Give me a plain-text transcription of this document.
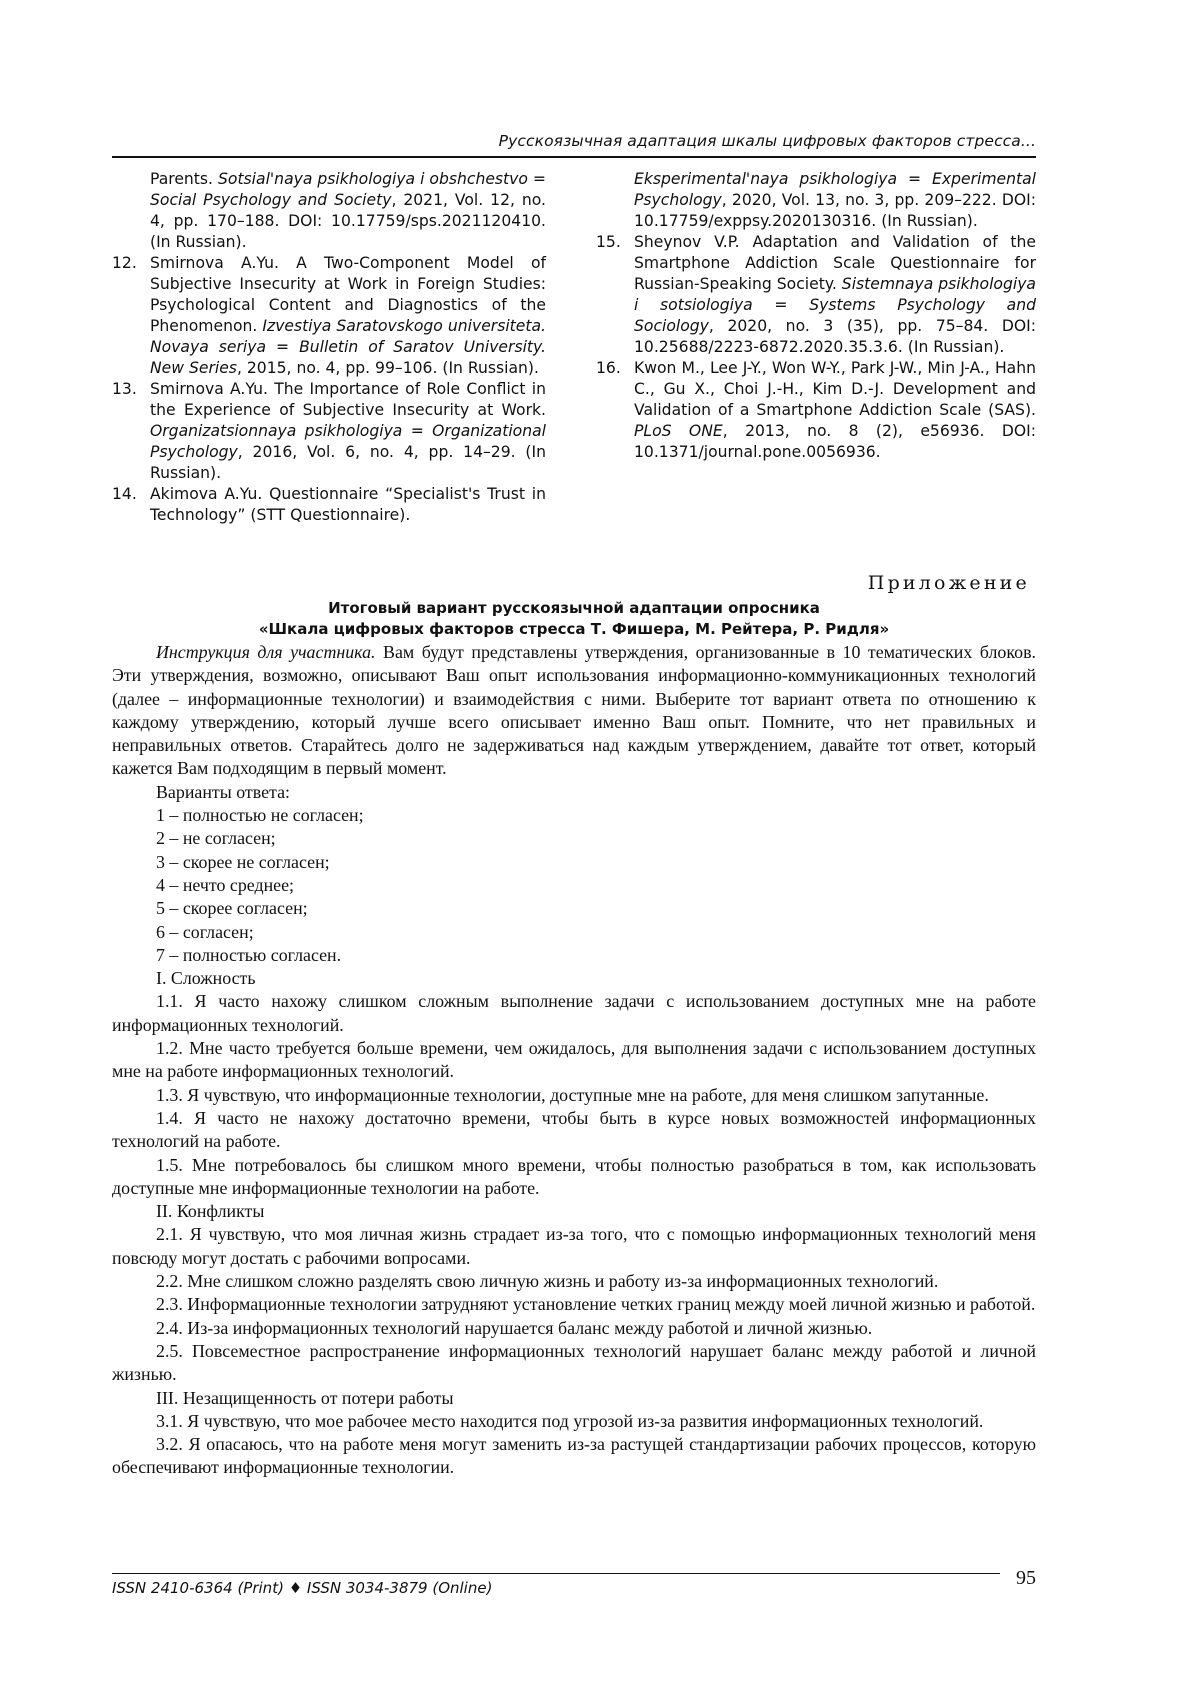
Русскоязычная адаптация шкалы цифровых факторов стресса...
Parents. Sotsial'naya psikhologiya i obshchestvo = Social Psychology and Society, 2021, Vol. 12, no. 4, pp. 170–188. DOI: 10.17759/sps.2021120410. (In Russian).
12. Smirnova A.Yu. A Two-Component Model of Subjective Insecurity at Work in Foreign Studies: Psychological Content and Diagnostics of the Phenomenon. Izvestiya Saratovskogo universiteta. Novaya seriya = Bulletin of Saratov University. New Series, 2015, no. 4, pp. 99–106. (In Russian).
13. Smirnova A.Yu. The Importance of Role Conflict in the Experience of Subjective Insecurity at Work. Organizatsionnaya psikhologiya = Organizational Psychology, 2016, Vol. 6, no. 4, pp. 14–29. (In Russian).
14. Akimova A.Yu. Questionnaire “Specialist's Trust in Technology” (STT Questionnaire).
Eksperimental'naya psikhologiya = Experimental Psychology, 2020, Vol. 13, no. 3, pp. 209–222. DOI: 10.17759/exppsy.2020130316. (In Russian).
15. Sheynov V.P. Adaptation and Validation of the Smartphone Addiction Scale Questionnaire for Russian-Speaking Society. Sistemnaya psikhologiya i sotsiologiya = Systems Psychology and Sociology, 2020, no. 3 (35), pp. 75–84. DOI: 10.25688/2223-6872.2020.35.3.6. (In Russian).
16. Kwon M., Lee J-Y., Won W-Y., Park J-W., Min J-A., Hahn C., Gu X., Choi J.-H., Kim D.-J. Development and Validation of a Smartphone Addiction Scale (SAS). PLoS ONE, 2013, no. 8 (2), e56936. DOI: 10.1371/journal.pone.0056936.
Приложение
Итоговый вариант русскоязычной адаптации опросника
«Шкала цифровых факторов стресса Т. Фишера, М. Рейтера, Р. Ридля»

Инструкция для участника. Вам будут представлены утверждения, организованные в 10 тематических блоков. Эти утверждения, возможно, описывают Ваш опыт использования информационно-коммуникационных технологий (далее – информационные технологии) и взаимодействия с ними. Выберите тот вариант ответа по отношению к каждому утверждению, который лучше всего описывает именно Ваш опыт. Помните, что нет правильных и неправильных ответов. Старайтесь долго не задерживаться над каждым утверждением, давайте тот ответ, который кажется Вам подходящим в первый момент.

Варианты ответа:

1 – полностью не согласен;

2 – не согласен;

3 – скорее не согласен;

4 – нечто среднее;

5 – скорее согласен;

6 – согласен;

7 – полностью согласен.

I. Сложность

1.1. Я часто нахожу слишком сложным выполнение задачи с использованием доступных мне на работе информационных технологий.

1.2. Мне часто требуется больше времени, чем ожидалось, для выполнения задачи с использованием доступных мне на работе информационных технологий.

1.3. Я чувствую, что информационные технологии, доступные мне на работе, для меня слишком запутанные.

1.4. Я часто не нахожу достаточно времени, чтобы быть в курсе новых возможностей информационных технологий на работе.

1.5. Мне потребовалось бы слишком много времени, чтобы полностью разобраться в том, как использовать доступные мне информационные технологии на работе.

II. Конфликты

2.1. Я чувствую, что моя личная жизнь страдает из-за того, что с помощью информационных технологий меня повсюду могут достать с рабочими вопросами.

2.2. Мне слишком сложно разделять свою личную жизнь и работу из-за информационных технологий.

2.3. Информационные технологии затрудняют установление четких границ между моей личной жизнью и работой.

2.4. Из-за информационных технологий нарушается баланс между работой и личной жизнью.

2.5. Повсеместное распространение информационных технологий нарушает баланс между работой и личной жизнью.

III. Незащищенность от потери работы

3.1. Я чувствую, что мое рабочее место находится под угрозой из-за развития информационных технологий.

3.2. Я опасаюсь, что на работе меня могут заменить из-за растущей стандартизации рабочих процессов, которую обеспечивают информационные технологии.

ISSN 2410-6364 (Print) ♦ ISSN 3034-3879 (Online)	95
